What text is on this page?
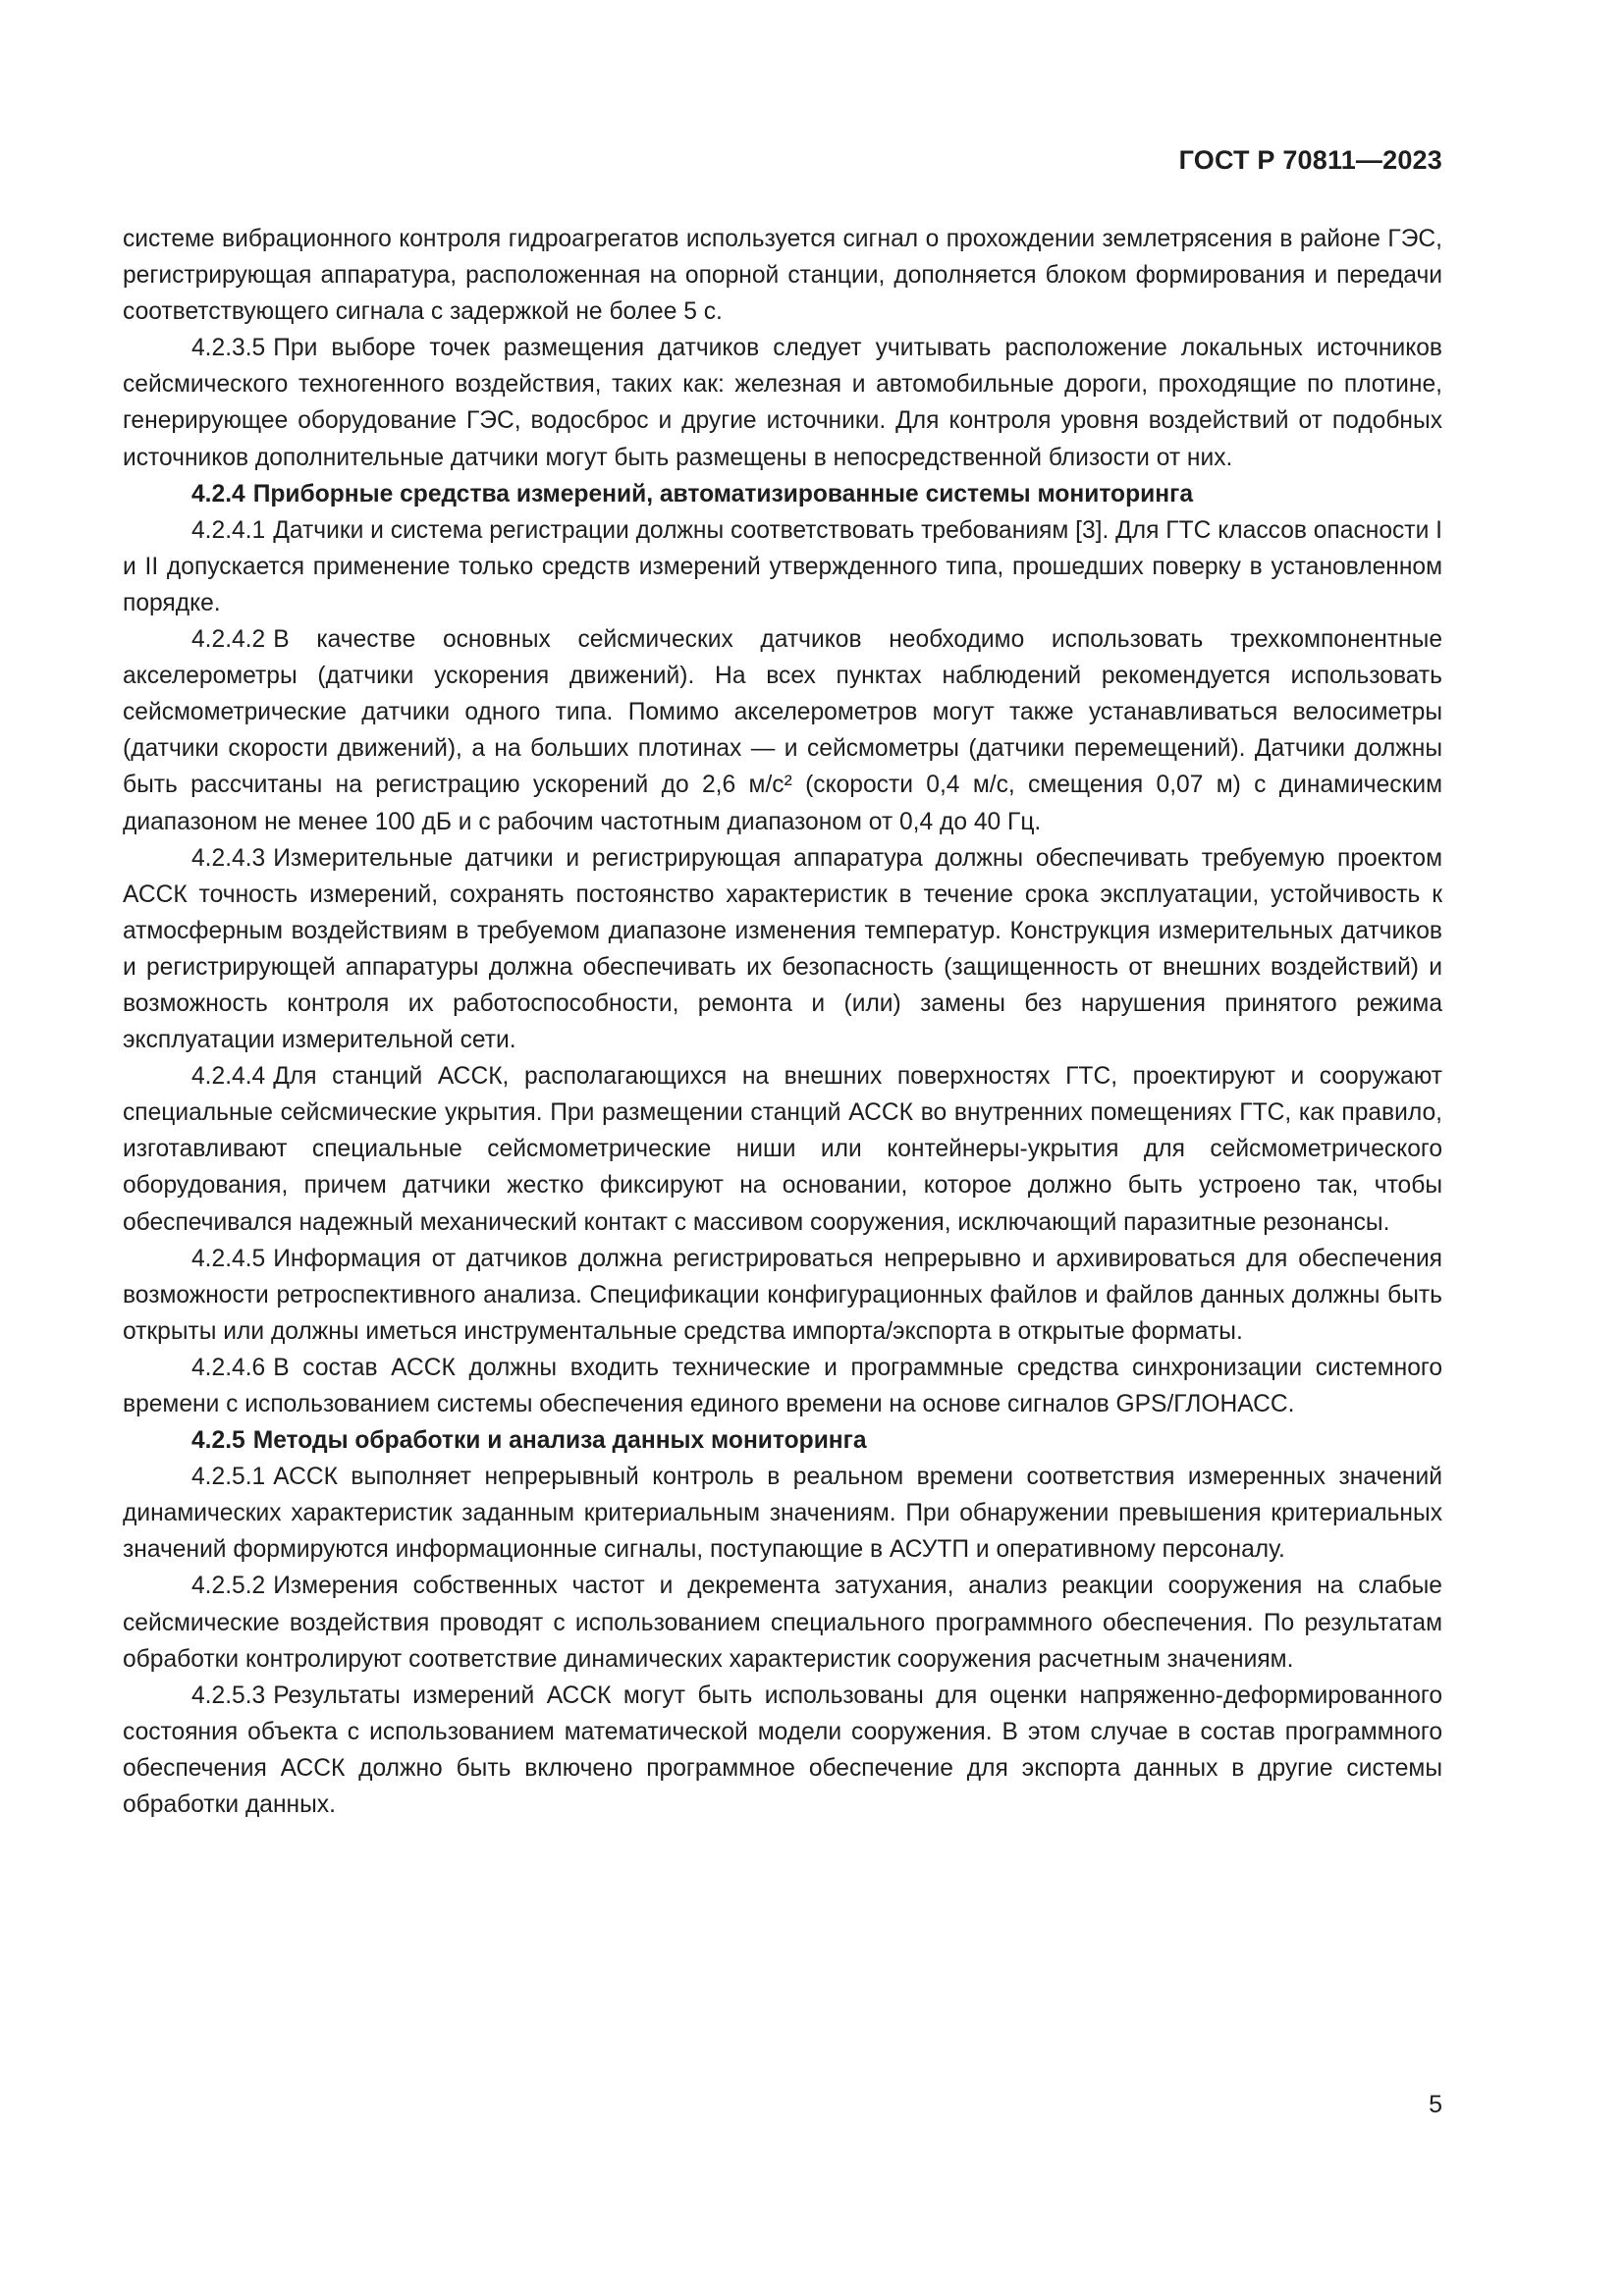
ГОСТ Р 70811—2023

системе вибрационного контроля гидроагрегатов используется сигнал о прохождении землетрясения в районе ГЭС, регистрирующая аппаратура, расположенная на опорной станции, дополняется блоком формирования и передачи соответствующего сигнала с задержкой не более 5 с.

4.2.3.5 При выборе точек размещения датчиков следует учитывать расположение локальных источников сейсмического техногенного воздействия, таких как: железная и автомобильные дороги, проходящие по плотине, генерирующее оборудование ГЭС, водосброс и другие источники. Для контроля уровня воздействий от подобных источников дополнительные датчики могут быть размещены в непосредственной близости от них.

4.2.4 Приборные средства измерений, автоматизированные системы мониторинга

4.2.4.1 Датчики и система регистрации должны соответствовать требованиям [3]. Для ГТС классов опасности I и II допускается применение только средств измерений утвержденного типа, прошедших поверку в установленном порядке.

4.2.4.2 В качестве основных сейсмических датчиков необходимо использовать трехкомпонентные акселерометры (датчики ускорения движений). На всех пунктах наблюдений рекомендуется использовать сейсмометрические датчики одного типа. Помимо акселерометров могут также устанавливаться велосиметры (датчики скорости движений), а на больших плотинах — и сейсмометры (датчики перемещений). Датчики должны быть рассчитаны на регистрацию ускорений до 2,6 м/с² (скорости 0,4 м/с, смещения 0,07 м) с динамическим диапазоном не менее 100 дБ и с рабочим частотным диапазоном от 0,4 до 40 Гц.

4.2.4.3 Измерительные датчики и регистрирующая аппаратура должны обеспечивать требуемую проектом АССК точность измерений, сохранять постоянство характеристик в течение срока эксплуатации, устойчивость к атмосферным воздействиям в требуемом диапазоне изменения температур. Конструкция измерительных датчиков и регистрирующей аппаратуры должна обеспечивать их безопасность (защищенность от внешних воздействий) и возможность контроля их работоспособности, ремонта и (или) замены без нарушения принятого режима эксплуатации измерительной сети.

4.2.4.4 Для станций АССК, располагающихся на внешних поверхностях ГТС, проектируют и сооружают специальные сейсмические укрытия. При размещении станций АССК во внутренних помещениях ГТС, как правило, изготавливают специальные сейсмометрические ниши или контейнеры-укрытия для сейсмометрического оборудования, причем датчики жестко фиксируют на основании, которое должно быть устроено так, чтобы обеспечивался надежный механический контакт с массивом сооружения, исключающий паразитные резонансы.

4.2.4.5 Информация от датчиков должна регистрироваться непрерывно и архивироваться для обеспечения возможности ретроспективного анализа. Спецификации конфигурационных файлов и файлов данных должны быть открыты или должны иметься инструментальные средства импорта/экспорта в открытые форматы.

4.2.4.6 В состав АССК должны входить технические и программные средства синхронизации системного времени с использованием системы обеспечения единого времени на основе сигналов GPS/ГЛОНАСС.

4.2.5 Методы обработки и анализа данных мониторинга

4.2.5.1 АССК выполняет непрерывный контроль в реальном времени соответствия измеренных значений динамических характеристик заданным критериальным значениям. При обнаружении превышения критериальных значений формируются информационные сигналы, поступающие в АСУТП и оперативному персоналу.

4.2.5.2 Измерения собственных частот и декремента затухания, анализ реакции сооружения на слабые сейсмические воздействия проводят с использованием специального программного обеспечения. По результатам обработки контролируют соответствие динамических характеристик сооружения расчетным значениям.

4.2.5.3 Результаты измерений АССК могут быть использованы для оценки напряженно-деформированного состояния объекта с использованием математической модели сооружения. В этом случае в состав программного обеспечения АССК должно быть включено программное обеспечение для экспорта данных в другие системы обработки данных.

5
